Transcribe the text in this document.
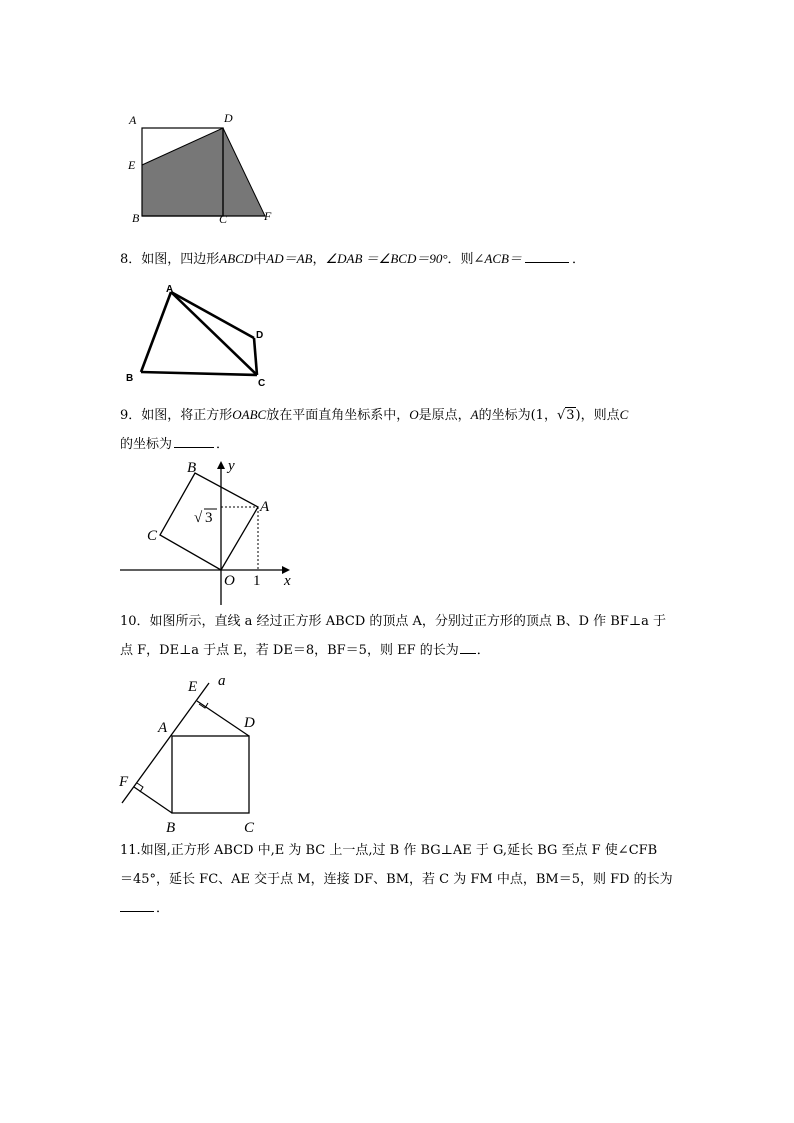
A	D
E
B	C	F
8．如图，四边形ABCD中AD＝AB，∠DAB ＝∠BCD＝90°．则∠ACB＝	．
A
D
B	C
9．如图，将正方形OABC放在平面直角坐标系中，O是原点，A的坐标为(1，√3)，则点C
的坐标为	．
B y
A
C
√ 3
O 1 x
10．如图所示，直线 a 经过正方形 ABCD 的顶点 A，分别过正方形的顶点 B、D 作 BF⊥a 于
点 F，DE⊥a 于点 E，若 DE＝8，BF＝5，则 EF 的长为 ．
E a
A	D
F
B	C
11.如图,正方形 ABCD 中,E 为 BC 上一点,过 B 作 BG⊥AE 于 G,延长 BG 至点 F 使∠CFB
＝45°，延长 FC、AE 交于点 M，连接 DF、BM，若 C 为 FM 中点，BM＝5，则 FD 的长为
．
